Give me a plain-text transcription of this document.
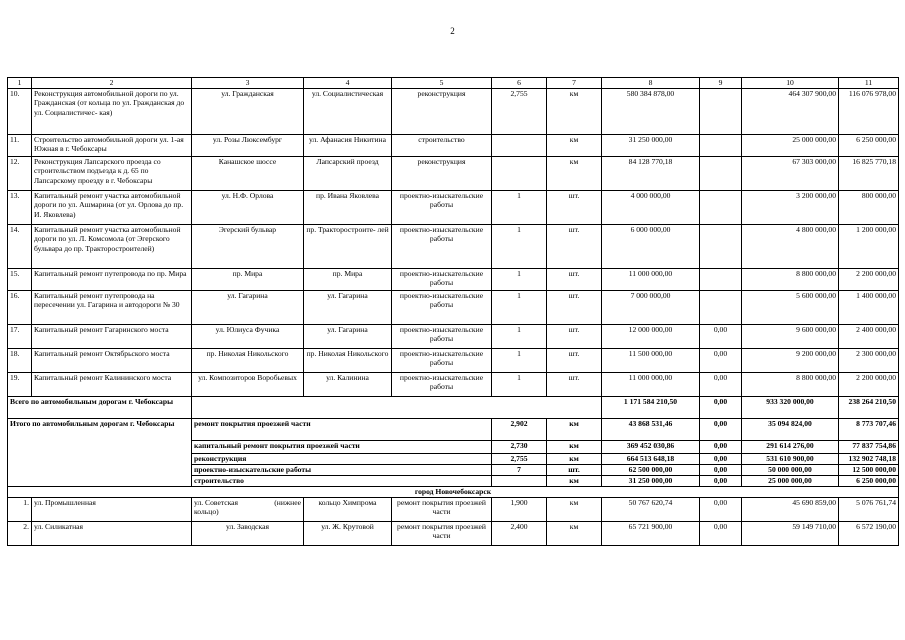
2
1	2	3	4	5	6	7	8	9	10	11
10.	Реконструкция автомобильной дороги по ул. Гражданская (от кольца по ул. Гражданская до ул. Социалистичес- кая)	ул. Гражданская	ул. Социалистическая	реконструкция	2,755	км	580 384 878,00		464 307 900,00	116 076 978,00
11.	Строительство автомобильной дороги ул. 1-ая Южная в г. Чебоксары	ул. Розы Люксембург	ул. Афанасия Никитина	строительство		км	31 250 000,00		25 000 000,00	6 250 000,00
12.	Реконструкция Лапсарского проезда со строительством подъезда к д. 65 по Лапсарскому проезду в г. Чебоксары	Канашское шоссе	Лапсарский проезд	реконструкция		км	84 128 770,18		67 303 000,00	16 825 770,18
13.	Капитальный ремонт участка автомобильной дороги по ул. Ашмарина (от ул. Орлова до пр. И. Яковлева)	ул. Н.Ф. Орлова	пр. Ивана Яковлева	проектно-изыскательские работы	1	шт.	4 000 000,00		3 200 000,00	800 000,00
14.	Капитальный ремонт участка автомобильной дороги по ул. Л. Комсомола (от Эгерского бульвара до пр. Тракторостроителей)	Эгерский бульвар	пр. Тракторостроите- лей	проектно-изыскательские работы	1	шт.	6 000 000,00		4 800 000,00	1 200 000,00
15.	Капитальный ремонт путепровода по пр. Мира	пр. Мира	пр. Мира	проектно-изыскательские работы	1	шт.	11 000 000,00		8 800 000,00	2 200 000,00
16.	Капитальный ремонт путепровода на пересечении ул. Гагарина и автодороги № 30	ул. Гагарина	ул. Гагарина	проектно-изыскательские работы	1	шт.	7 000 000,00		5 600 000,00	1 400 000,00
17.	Капитальный ремонт Гагаринского моста	ул. Юлиуса Фучика	ул. Гагарина	проектно-изыскательские работы	1	шт.	12 000 000,00	0,00	9 600 000,00	2 400 000,00
18.	Капитальный ремонт Октябрьского моста	пр. Николая Никольского	пр. Николая Никольского	проектно-изыскательские работы	1	шт.	11 500 000,00	0,00	9 200 000,00	2 300 000,00
19.	Капитальный ремонт Калининского моста	ул. Композиторов Воробьевых	ул. Калинина	проектно-изыскательские работы	1	шт.	11 000 000,00	0,00	8 800 000,00	2 200 000,00
Всего по автомобильным дорогам г. Чебоксары							1 171 584 210,50	0,00	933 320 000,00	238 264 210,50
Итого по автомобильным дорогам г. Чебоксары		ремонт покрытия проезжей части			2,902	км	43 868 531,46	0,00	35 094 824,00	8 773 707,46
		капитальный ремонт покрытия проезжей части			2,730	км	369 452 030,86	0,00	291 614 276,00	77 837 754,86
		реконструкция			2,755	км	664 513 648,18	0,00	531 610 900,00	132 902 748,18
		проектно-изыскательские работы			7	шт.	62 500 000,00	0,00	50 000 000,00	12 500 000,00
		строительство				км	31 250 000,00	0,00	25 000 000,00	6 250 000,00
город Новочебоксарск										
1.	ул. Промышленная	ул. Советская (нижнее
кольцо)	кольцо Химпрома	ремонт покрытия проезжей части	1,900	км	50 767 620,74	0,00	45 690 859,00	5 076 761,74
2.	ул. Силикатная	ул. Заводская	ул. Ж. Крутовой	ремонт покрытия проезжей части	2,400	км	65 721 900,00	0,00	59 149 710,00	6 572 190,00
